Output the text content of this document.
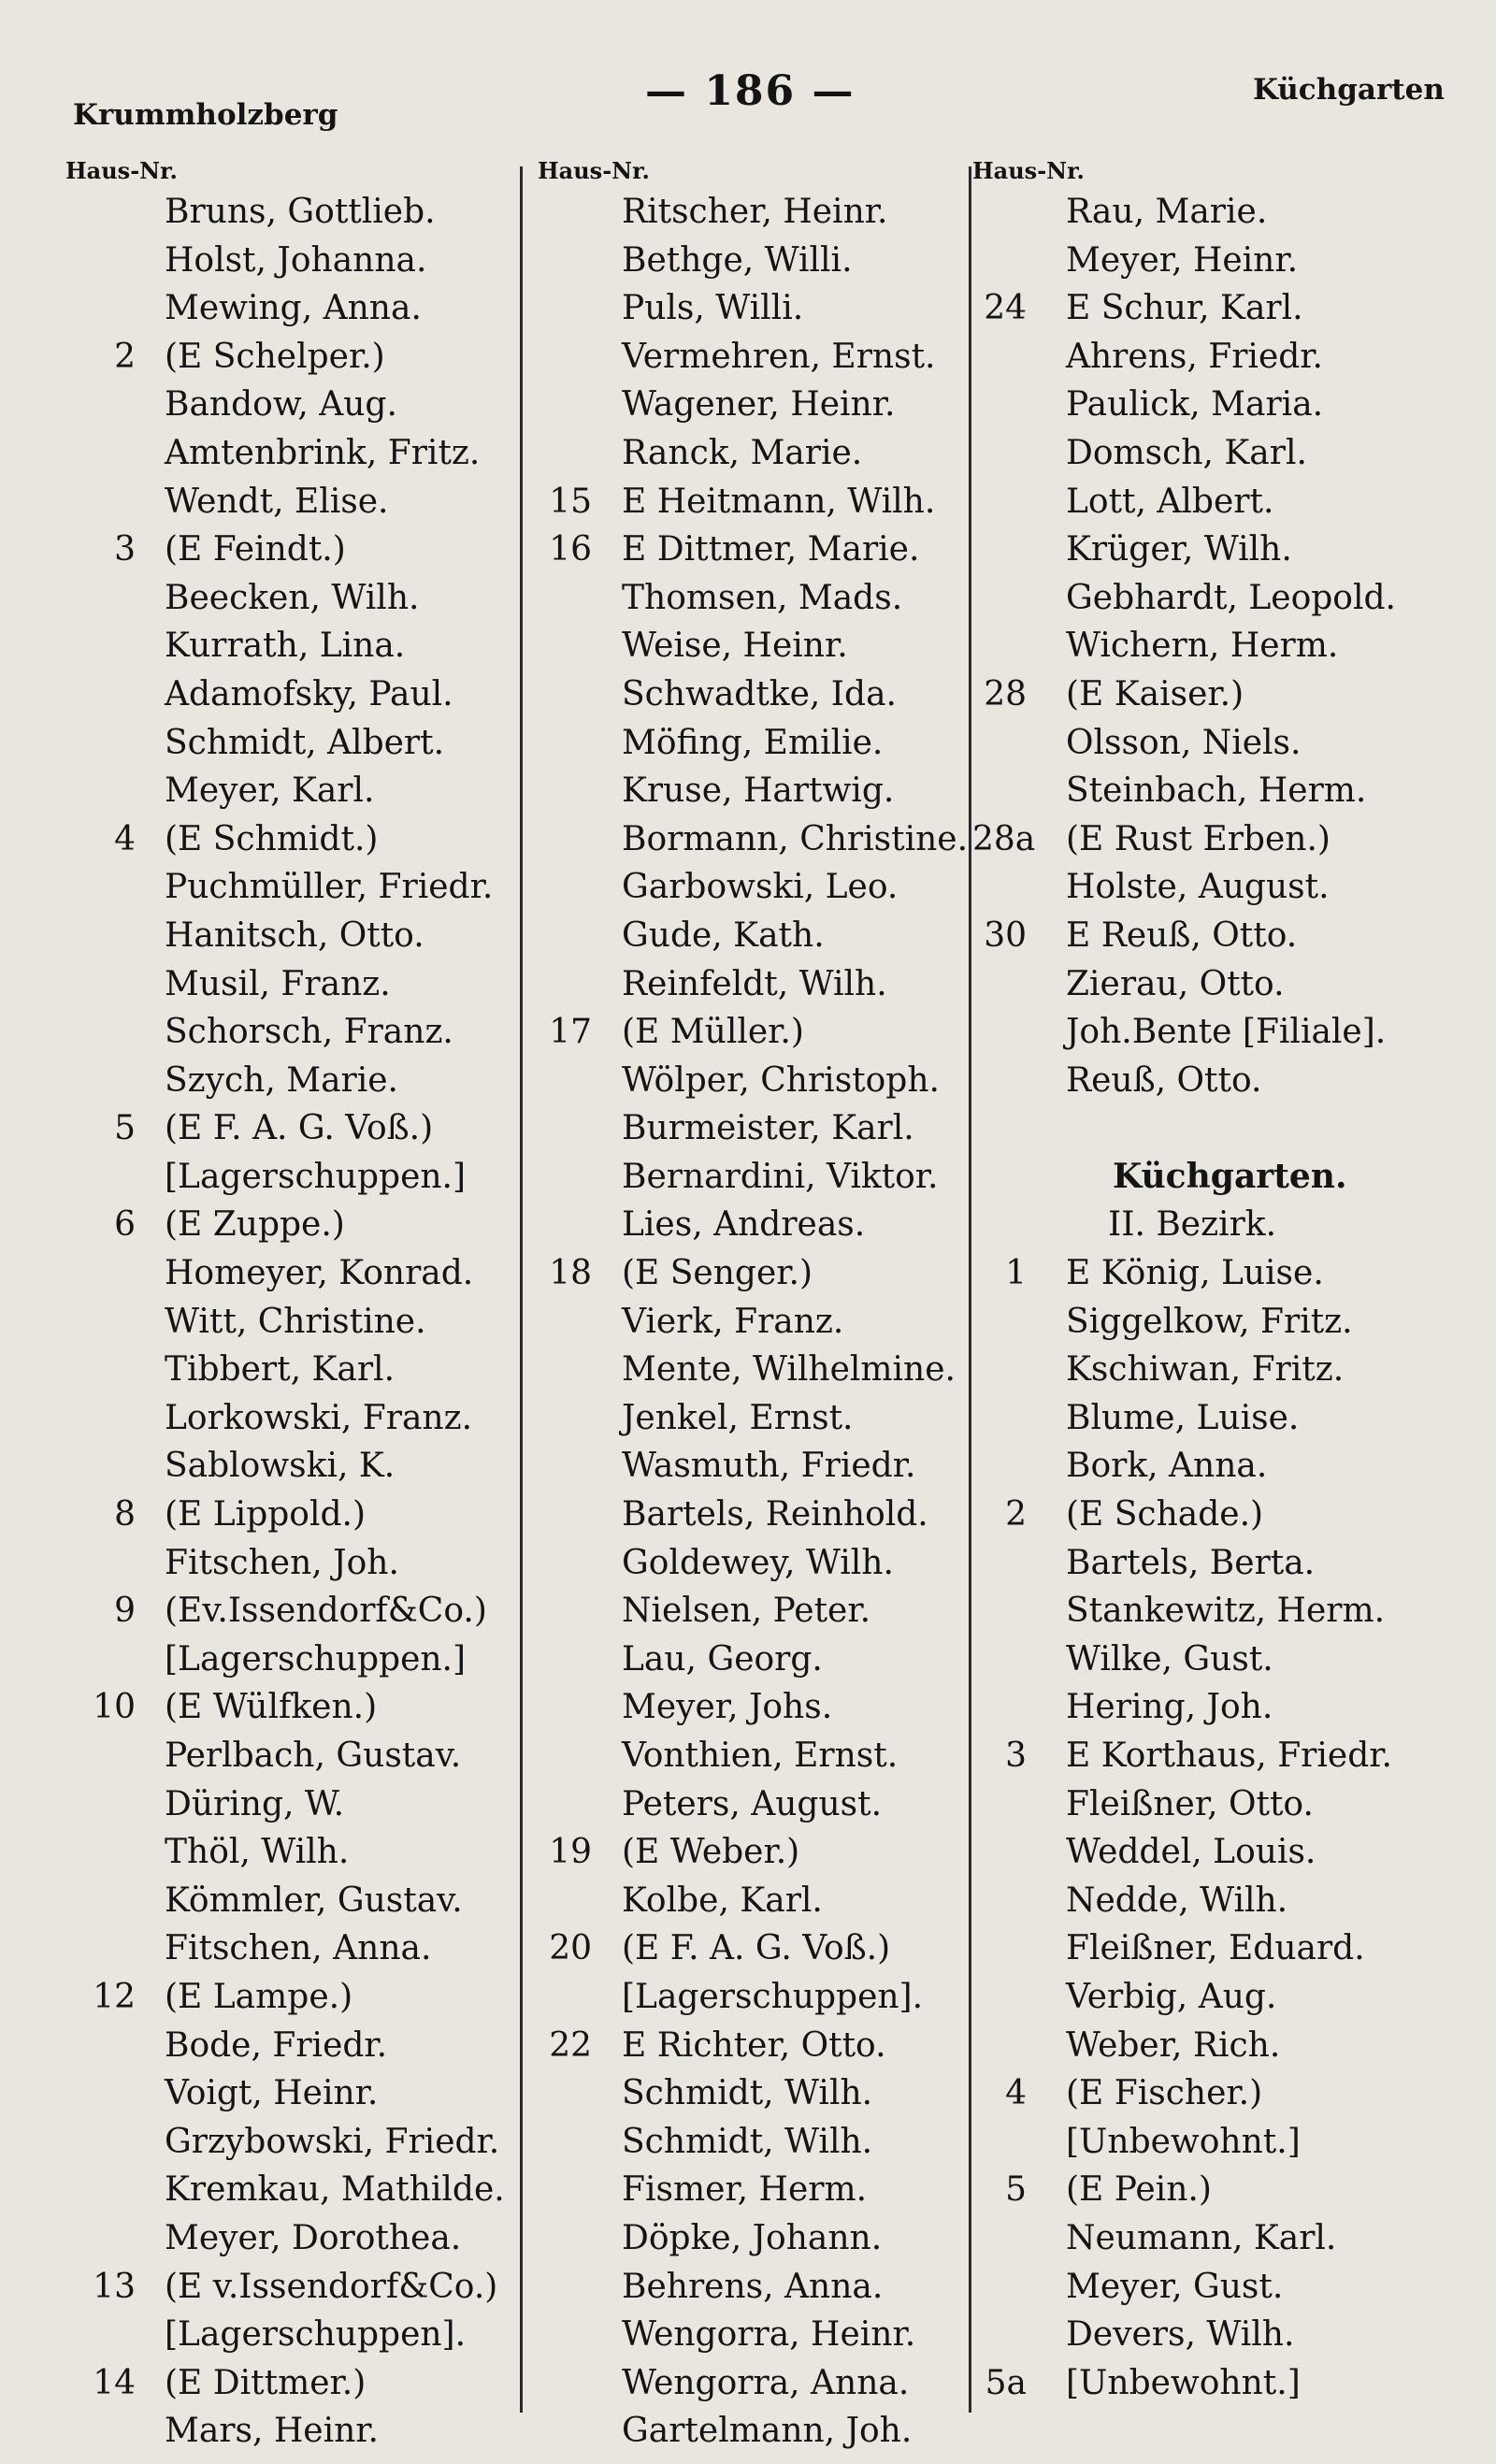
Krummholzberg	— 186 —	Küchgarten
Haus-Nr.
Bruns, Gottlieb.
Holst, Johanna.
Mewing, Anna.
2 (E Schelper.)
Bandow, Aug.
Amtenbrink, Fritz.
Wendt, Elise.
3 (E Feindt.)
Beecken, Wilh.
Kurrath, Lina.
Adamofsky, Paul.
Schmidt, Albert.
Meyer, Karl.
4 (E Schmidt.)
Puchmüller, Friedr.
Hanitsch, Otto.
Musil, Franz.
Schorsch, Franz.
Szych, Marie.
5 (E F. A. G. Voß.)
[Lagerschuppen.]
6 (E Zuppe.)
Homeyer, Konrad.
Witt, Christine.
Tibbert, Karl.
Lorkowski, Franz.
Sablowski, K.
8 (E Lippold.)
Fitschen, Joh.
9 (Ev.Issendorf&Co.)
[Lagerschuppen.]
10 (E Wülfken.)
Perlbach, Gustav.
Düring, W.
Thöl, Wilh.
Kömmler, Gustav.
Fitschen, Anna.
12 (E Lampe.)
Bode, Friedr.
Voigt, Heinr.
Grzybowski, Friedr.
Kremkau, Mathilde.
Meyer, Dorothea.
13 (E v.Issendorf&Co.)
[Lagerschuppen].
14 (E Dittmer.)
Mars, Heinr.
Haus-Nr.
Ritscher, Heinr.
Bethge, Willi.
Puls, Willi.
Vermehren, Ernst.
Wagener, Heinr.
Ranck, Marie.
15 E Heitmann, Wilh.
16 E Dittmer, Marie.
Thomsen, Mads.
Weise, Heinr.
Schwadtke, Ida.
Möfing, Emilie.
Kruse, Hartwig.
Bormann, Christine.
Garbowski, Leo.
Gude, Kath.
Reinfeldt, Wilh.
17 (E Müller.)
Wölper, Christoph.
Burmeister, Karl.
Bernardini, Viktor.
Lies, Andreas.
18 (E Senger.)
Vierk, Franz.
Mente, Wilhelmine.
Jenkel, Ernst.
Wasmuth, Friedr.
Bartels, Reinhold.
Goldewey, Wilh.
Nielsen, Peter.
Lau, Georg.
Meyer, Johs.
Vonthien, Ernst.
Peters, August.
19 (E Weber.)
Kolbe, Karl.
20 (E F. A. G. Voß.)
[Lagerschuppen].
22 E Richter, Otto.
Schmidt, Wilh.
Schmidt, Wilh.
Fismer, Herm.
Döpke, Johann.
Behrens, Anna.
Wengorra, Heinr.
Wengorra, Anna.
Gartelmann, Joh.
Haus-Nr.
Rau, Marie.
Meyer, Heinr.
24 E Schur, Karl.
Ahrens, Friedr.
Paulick, Maria.
Domsch, Karl.
Lott, Albert.
Krüger, Wilh.
Gebhardt, Leopold.
Wichern, Herm.
28 (E Kaiser.)
Olsson, Niels.
Steinbach, Herm.
28a (E Rust Erben.)
Holste, August.
30 E Reuß, Otto.
Zierau, Otto.
Joh.Bente [Filiale].
Reuß, Otto.
Küchgarten.
II. Bezirk.
1 E König, Luise.
Siggelkow, Fritz.
Kschiwan, Fritz.
Blume, Luise.
Bork, Anna.
2 (E Schade.)
Bartels, Berta.
Stankewitz, Herm.
Wilke, Gust.
Hering, Joh.
3 E Korthaus, Friedr.
Fleißner, Otto.
Weddel, Louis.
Nedde, Wilh.
Fleißner, Eduard.
Verbig, Aug.
Weber, Rich.
4 (E Fischer.)
[Unbewohnt.]
5 (E Pein.)
Neumann, Karl.
Meyer, Gust.
Devers, Wilh.
5a [Unbewohnt.]
